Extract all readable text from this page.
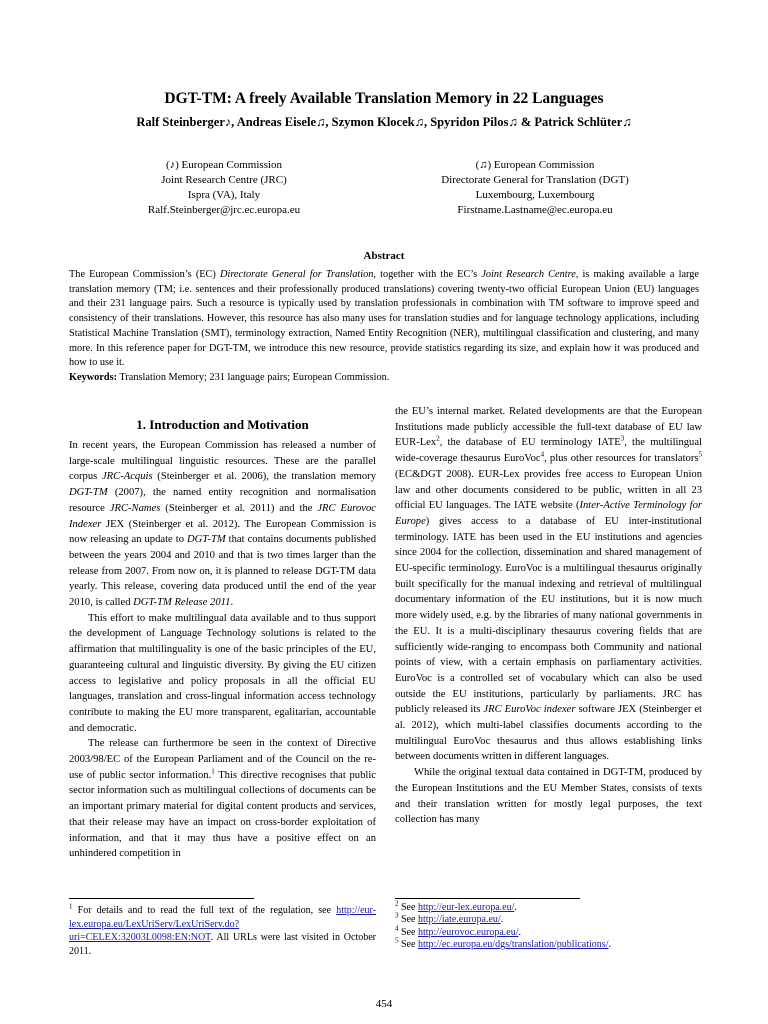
DGT-TM: A freely Available Translation Memory in 22 Languages
Ralf Steinberger♪, Andreas Eisele♫, Szymon Klocek♫, Spyridon Pilos♫ & Patrick Schlüter♫
(♪) European Commission
Joint Research Centre (JRC)
Ispra (VA), Italy
Ralf.Steinberger@jrc.ec.europa.eu
(♫) European Commission
Directorate General for Translation (DGT)
Luxembourg, Luxembourg
Firstname.Lastname@ec.europa.eu
Abstract
The European Commission’s (EC) Directorate General for Translation, together with the EC’s Joint Research Centre, is making available a large translation memory (TM; i.e. sentences and their professionally produced translations) covering twenty-two official European Union (EU) languages and their 231 language pairs. Such a resource is typically used by translation professionals in combination with TM software to improve speed and consistency of their translations. However, this resource has also many uses for translation studies and for language technology applications, including Statistical Machine Translation (SMT), terminology extraction, Named Entity Recognition (NER), multilingual classification and clustering, and many more. In this reference paper for DGT-TM, we introduce this new resource, provide statistics regarding its size, and explain how it was produced and how to use it.
Keywords: Translation Memory; 231 language pairs; European Commission.
1. Introduction and Motivation

In recent years, the European Commission has released a number of large-scale multilingual linguistic resources. These are the parallel corpus JRC-Acquis (Steinberger et al. 2006), the translation memory DGT-TM (2007), the named entity recognition and normalisation resource JRC-Names (Steinberger et al. 2011) and the JRC Eurovoc Indexer JEX (Steinberger et al. 2012). The European Commission is now releasing an update to DGT-TM that contains documents published between the years 2004 and 2010 and that is two times larger than the release from 2007. From now on, it is planned to release DGT-TM data yearly. This release, covering data produced until the end of the year 2010, is called DGT-TM Release 2011.

This effort to make multilingual data available and to thus support the development of Language Technology solutions is related to the affirmation that multilinguality is one of the basic principles of the EU, guaranteeing cultural and linguistic diversity. By giving the EU citizen access to legislative and policy proposals in all the official EU languages, translation and cross-lingual information access technology contribute to making the EU more transparent, egalitarian, accountable and democratic.

The release can furthermore be seen in the context of Directive 2003/98/EC of the European Parliament and of the Council on the re-use of public sector information.$^1$ This directive recognises that public sector information such as multilingual collections of documents can be an important primary material for digital content products and services, that their release may have an impact on cross-border exploitation of information, and that it may thus have a positive effect on an unhindered competition in

the EU’s internal market. Related developments are that the European Institutions made publicly accessible the full-text database of EU law EUR-Lex$^2$, the database of EU terminology IATE$^3$, the multilingual wide-coverage thesaurus EuroVoc$^4$, plus other resources for translators$^5$ (EC&DGT 2008). EUR-Lex provides free access to European Union law and other documents considered to be public, written in all 23 official EU languages. The IATE website (Inter-Active Terminology for Europe) gives access to a database of EU inter-institutional terminology. IATE has been used in the EU institutions and agencies since 2004 for the collection, dissemination and shared management of EU-specific terminology. EuroVoc is a multilingual thesaurus originally built specifically for the manual indexing and retrieval of multilingual documentary information of the EU institutions, but it is now much more widely used, e.g. by the libraries of many national governments in the EU. It is a multi-disciplinary thesaurus covering fields that are sufficiently wide-ranging to encompass both Community and national points of view, with a certain emphasis on parliamentary activities. EuroVoc is a controlled set of vocabulary which can also be used outside the EU institutions, particularly by parliaments. JRC has publicly released its JRC EuroVoc indexer software JEX (Steinberger et al. 2012), which multi-label classifies documents according to the multilingual EuroVoc thesaurus and thus allows establishing links between documents written in different languages.

While the original textual data contained in DGT-TM, produced by the European Institutions and the EU Member States, consists of texts and their translation written for mostly legal purposes, the text collection has many

$^1$ For details and to read the full text of the regulation, see http://eur-lex.europa.eu/LexUriServ/LexUriServ.do?uri=CELEX:32003L0098:EN:NOT. All URLs were last visited in October 2011.
$^2$ See http://eur-lex.europa.eu/.
$^3$ See http://iate.europa.eu/.
$^4$ See http://eurovoc.europa.eu/.
$^5$ See http://ec.europa.eu/dgs/translation/publications/.
454
